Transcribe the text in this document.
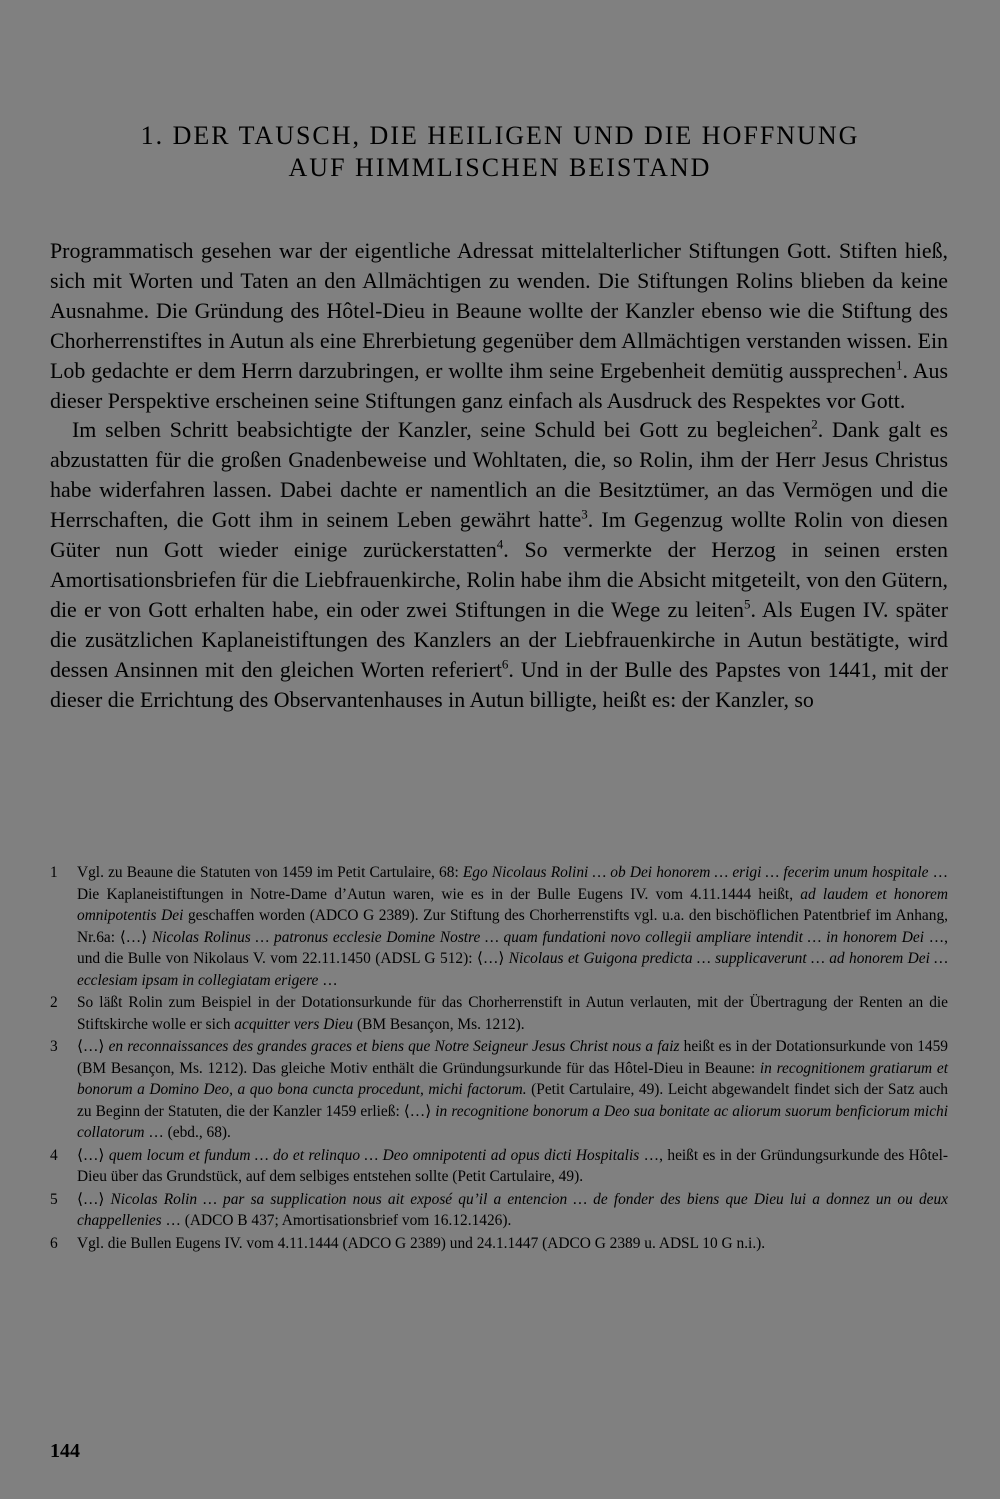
1. DER TAUSCH, DIE HEILIGEN UND DIE HOFFNUNG
AUF HIMMLISCHEN BEISTAND

Programmatisch gesehen war der eigentliche Adressat mittelalterlicher Stiftungen Gott. Stiften hieß, sich mit Worten und Taten an den Allmächtigen zu wenden. Die Stiftungen Rolins blieben da keine Ausnahme. Die Gründung des Hôtel-Dieu in Beaune wollte der Kanzler ebenso wie die Stiftung des Chorherrenstiftes in Autun als eine Ehrerbietung gegenüber dem Allmächtigen verstanden wissen. Ein Lob gedachte er dem Herrn darzubringen, er wollte ihm seine Ergebenheit demütig aussprechen$^1$. Aus dieser Perspektive erscheinen seine Stiftungen ganz einfach als Ausdruck des Respektes vor Gott.

Im selben Schritt beabsichtigte der Kanzler, seine Schuld bei Gott zu begleichen$^2$. Dank galt es abzustatten für die großen Gnadenbeweise und Wohltaten, die, so Rolin, ihm der Herr Jesus Christus habe widerfahren lassen. Dabei dachte er namentlich an die Besitztümer, an das Vermögen und die Herrschaften, die Gott ihm in seinem Leben gewährt hatte$^3$. Im Gegenzug wollte Rolin von diesen Güter nun Gott wieder einige zurückerstatten$^4$. So vermerkte der Herzog in seinen ersten Amortisationsbriefen für die Liebfrauenkirche, Rolin habe ihm die Absicht mitgeteilt, von den Gütern, die er von Gott erhalten habe, ein oder zwei Stiftungen in die Wege zu leiten$^5$. Als Eugen IV. später die zusätzlichen Kaplaneistiftungen des Kanzlers an der Liebfrauenkirche in Autun bestätigte, wird dessen Ansinnen mit den gleichen Worten referiert$^6$. Und in der Bulle des Papstes von 1441, mit der dieser die Errichtung des Observantenhauses in Autun billigte, heißt es: der Kanzler, so

1 Vgl. zu Beaune die Statuten von 1459 im Petit Cartulaire, 68: Ego Nicolaus Rolini … ob Dei honorem … erigi … fecerim unum hospitale … Die Kaplaneistiftungen in Notre-Dame d’Autun waren, wie es in der Bulle Eugens IV. vom 4.11.1444 heißt, ad laudem et honorem omnipotentis Dei geschaffen worden (ADCO G 2389). Zur Stiftung des Chorherrenstifts vgl. u.a. den bischöflichen Patentbrief im Anhang, Nr.6a: ⟨…⟩ Nicolas Rolinus … patronus ecclesie Domine Nostre … quam fundationi novo collegii ampliare intendit … in honorem Dei …, und die Bulle von Nikolaus V. vom 22.11.1450 (ADSL G 512): ⟨…⟩ Nicolaus et Guigona predicta … supplicaverunt … ad honorem Dei … ecclesiam ipsam in collegiatam erigere …
2 So läßt Rolin zum Beispiel in der Dotationsurkunde für das Chorherrenstift in Autun verlauten, mit der Übertragung der Renten an die Stiftskirche wolle er sich acquitter vers Dieu (BM Besançon, Ms. 1212).
3 ⟨…⟩ en reconnaissances des grandes graces et biens que Notre Seigneur Jesus Christ nous a faiz heißt es in der Dotationsurkunde von 1459 (BM Besançon, Ms. 1212). Das gleiche Motiv enthält die Gründungsurkunde für das Hôtel-Dieu in Beaune: in recognitionem gratiarum et bonorum a Domino Deo, a quo bona cuncta procedunt, michi factorum. (Petit Cartulaire, 49). Leicht abgewandelt findet sich der Satz auch zu Beginn der Statuten, die der Kanzler 1459 erließ: ⟨…⟩ in recognitione bonorum a Deo sua bonitate ac aliorum suorum benficiorum michi collatorum … (ebd., 68).
4 ⟨…⟩ quem locum et fundum … do et relinquo … Deo omnipotenti ad opus dicti Hospitalis …, heißt es in der Gründungsurkunde des Hôtel-Dieu über das Grundstück, auf dem selbiges entstehen sollte (Petit Cartulaire, 49).
5 ⟨…⟩ Nicolas Rolin … par sa supplication nous ait exposé qu’il a entencion … de fonder des biens que Dieu lui a donnez un ou deux chappellenies … (ADCO B 437; Amortisationsbrief vom 16.12.1426).
6 Vgl. die Bullen Eugens IV. vom 4.11.1444 (ADCO G 2389) und 24.1.1447 (ADCO G 2389 u. ADSL 10 G n.i.).
144
